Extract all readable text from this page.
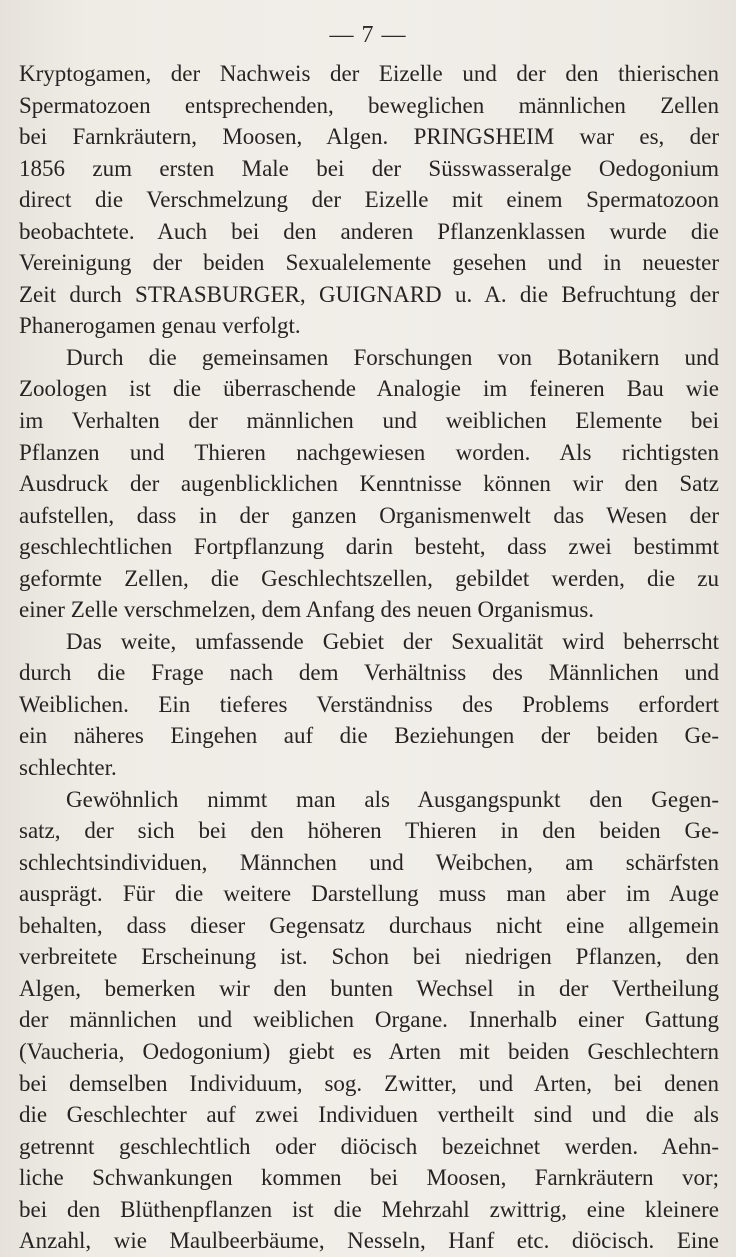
— 7 —
Kryptogamen, der Nachweis der Eizelle und der den thierischen
Spermatozoen entsprechenden, beweglichen männlichen Zellen
bei Farnkräutern, Moosen, Algen. PRINGSHEIM war es, der
1856 zum ersten Male bei der Süsswasseralge Oedogonium
direct die Verschmelzung der Eizelle mit einem Spermatozoon
beobachtete. Auch bei den anderen Pflanzenklassen wurde die
Vereinigung der beiden Sexualelemente gesehen und in neuester
Zeit durch STRASBURGER, GUIGNARD u. A. die Befruchtung der
Phanerogamen genau verfolgt.
Durch die gemeinsamen Forschungen von Botanikern und
Zoologen ist die überraschende Analogie im feineren Bau wie
im Verhalten der männlichen und weiblichen Elemente bei
Pflanzen und Thieren nachgewiesen worden. Als richtigsten
Ausdruck der augenblicklichen Kenntnisse können wir den Satz
aufstellen, dass in der ganzen Organismenwelt das Wesen der
geschlechtlichen Fortpflanzung darin besteht, dass zwei bestimmt
geformte Zellen, die Geschlechtszellen, gebildet werden, die zu
einer Zelle verschmelzen, dem Anfang des neuen Organismus.
Das weite, umfassende Gebiet der Sexualität wird beherrscht
durch die Frage nach dem Verhältniss des Männlichen und
Weiblichen. Ein tieferes Verständniss des Problems erfordert
ein näheres Eingehen auf die Beziehungen der beiden Ge-
schlechter.
Gewöhnlich nimmt man als Ausgangspunkt den Gegen-
satz, der sich bei den höheren Thieren in den beiden Ge-
schlechtsindividuen, Männchen und Weibchen, am schärfsten
ausprägt. Für die weitere Darstellung muss man aber im Auge
behalten, dass dieser Gegensatz durchaus nicht eine allgemein
verbreitete Erscheinung ist. Schon bei niedrigen Pflanzen, den
Algen, bemerken wir den bunten Wechsel in der Vertheilung
der männlichen und weiblichen Organe. Innerhalb einer Gattung
(Vaucheria, Oedogonium) giebt es Arten mit beiden Geschlechtern
bei demselben Individuum, sog. Zwitter, und Arten, bei denen
die Geschlechter auf zwei Individuen vertheilt sind und die als
getrennt geschlechtlich oder diöcisch bezeichnet werden. Aehn-
liche Schwankungen kommen bei Moosen, Farnkräutern vor;
bei den Blüthenpflanzen ist die Mehrzahl zwittrig, eine kleinere
Anzahl, wie Maulbeerbäume, Nesseln, Hanf etc. diöcisch. Eine
